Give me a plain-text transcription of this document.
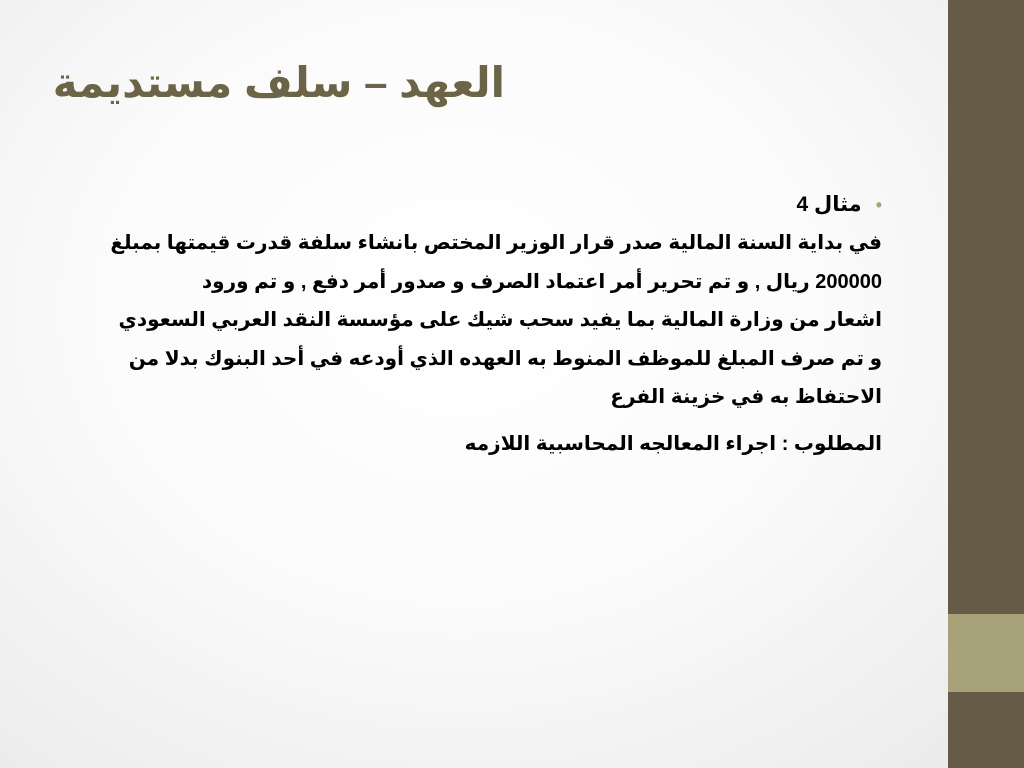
العهد – سلف مستديمة
•مثال 4
في بداية السنة المالية صدر قرار الوزير المختص بانشاء سلفة قدرت قيمتها بمبلغ
200000 ريال , و تم تحرير أمر اعتماد الصرف و صدور أمر دفع , و تم ورود
اشعار من وزارة المالية بما يفيد سحب شيك على مؤسسة النقد العربي السعودي
و تم صرف المبلغ للموظف المنوط به العهده الذي أودعه في أحد البنوك بدلا من
الاحتفاظ به في خزينة الفرع
المطلوب : اجراء المعالجه المحاسبية اللازمه
